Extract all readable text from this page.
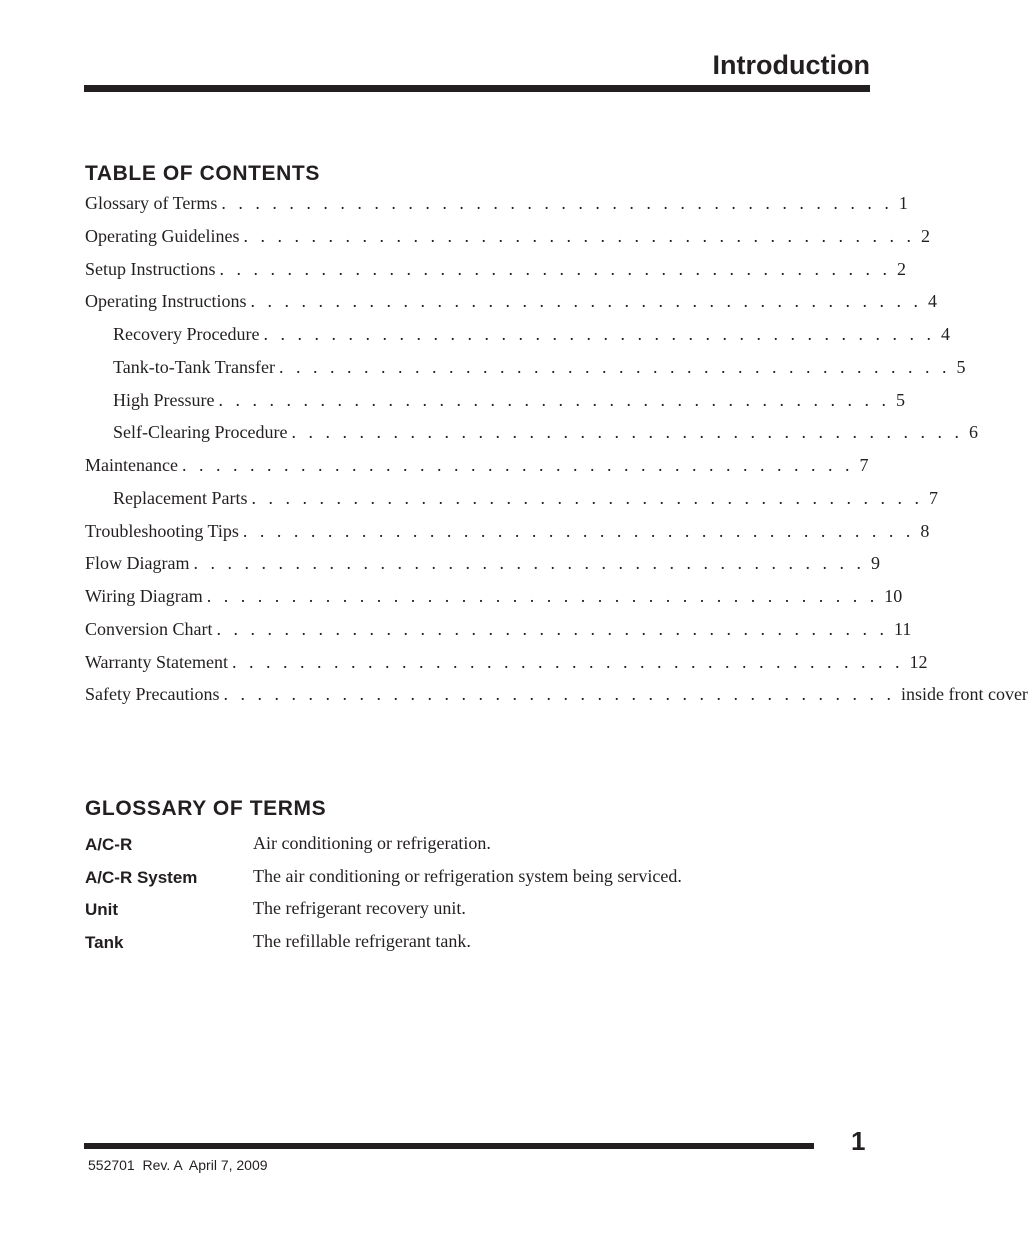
Introduction
TABLE OF CONTENTS
Glossary of Terms . . . . . . . . . . . . . . . . . . . . . . . . . . . . . . . . . . . . . . . . 1
Operating Guidelines . . . . . . . . . . . . . . . . . . . . . . . . . . . . . . . . . . . . . . . . 2
Setup Instructions . . . . . . . . . . . . . . . . . . . . . . . . . . . . . . . . . . . . . . . . 2
Operating Instructions . . . . . . . . . . . . . . . . . . . . . . . . . . . . . . . . . . . . . . . . 4
Recovery Procedure . . . . . . . . . . . . . . . . . . . . . . . . . . . . . . . . . . . . . . . . 4
Tank-to-Tank Transfer . . . . . . . . . . . . . . . . . . . . . . . . . . . . . . . . . . . . . . . . 5
High Pressure . . . . . . . . . . . . . . . . . . . . . . . . . . . . . . . . . . . . . . . . 5
Self-Clearing Procedure . . . . . . . . . . . . . . . . . . . . . . . . . . . . . . . . . . . . . . . . 6
Maintenance . . . . . . . . . . . . . . . . . . . . . . . . . . . . . . . . . . . . . . . . 7
Replacement Parts . . . . . . . . . . . . . . . . . . . . . . . . . . . . . . . . . . . . . . . . 7
Troubleshooting Tips . . . . . . . . . . . . . . . . . . . . . . . . . . . . . . . . . . . . . . . . 8
Flow Diagram . . . . . . . . . . . . . . . . . . . . . . . . . . . . . . . . . . . . . . . . 9
Wiring Diagram . . . . . . . . . . . . . . . . . . . . . . . . . . . . . . . . . . . . . . . . 10
Conversion Chart . . . . . . . . . . . . . . . . . . . . . . . . . . . . . . . . . . . . . . . . 11
Warranty Statement . . . . . . . . . . . . . . . . . . . . . . . . . . . . . . . . . . . . . . . . 12
Safety Precautions . . . . . . . . . . . . . . . . . . . . . . . . . . . . . . . . . . . . . . . . inside front cover
GLOSSARY OF TERMS
A/C-R	Air conditioning or refrigeration.
A/C-R System	The air conditioning or refrigeration system being serviced.
Unit	The refrigerant recovery unit.
Tank	The refillable refrigerant tank.
1
552701  Rev. A  April 7, 2009
